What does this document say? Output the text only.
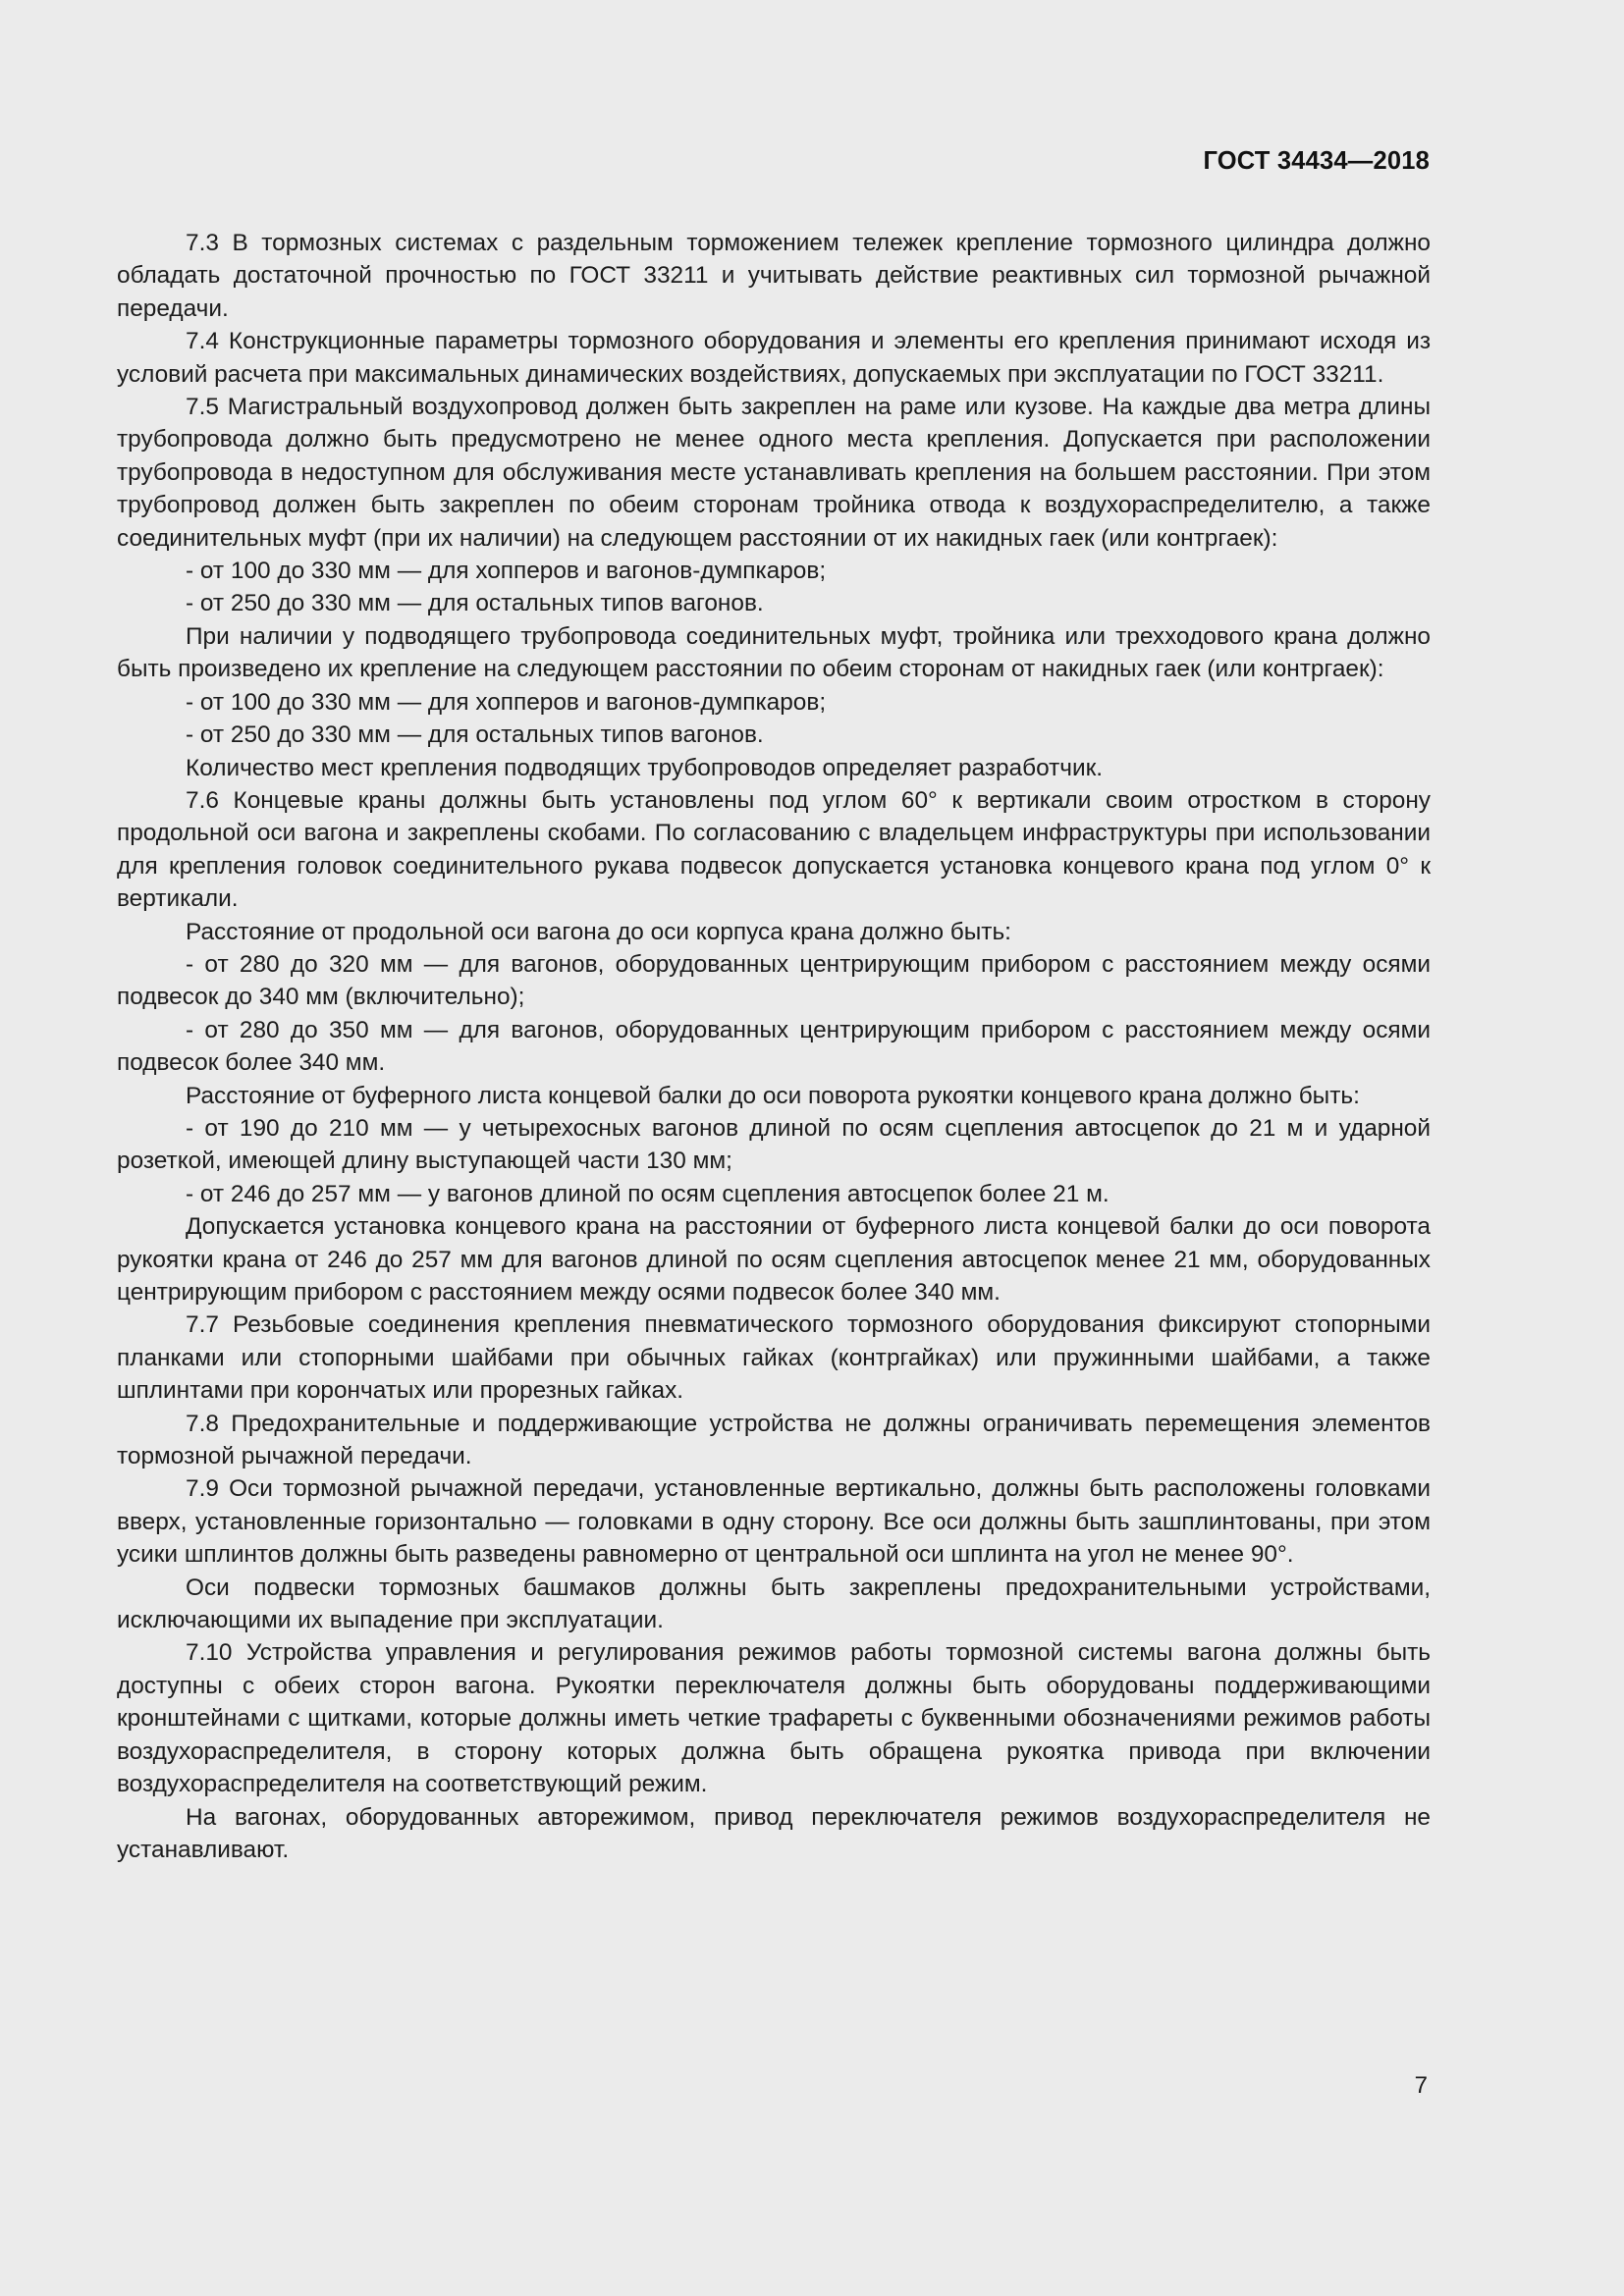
ГОСТ 34434—2018

7.3 В тормозных системах с раздельным торможением тележек крепление тормозного цилиндра должно обладать достаточной прочностью по ГОСТ 33211 и учитывать действие реактивных сил тормозной рычажной передачи.

7.4 Конструкционные параметры тормозного оборудования и элементы его крепления принимают исходя из условий расчета при максимальных динамических воздействиях, допускаемых при эксплуатации по ГОСТ 33211.

7.5 Магистральный воздухопровод должен быть закреплен на раме или кузове. На каждые два метра длины трубопровода должно быть предусмотрено не менее одного места крепления. Допускается при расположении трубопровода в недоступном для обслуживания месте устанавливать крепления на большем расстоянии. При этом трубопровод должен быть закреплен по обеим сторонам тройника отвода к воздухораспределителю, а также соединительных муфт (при их наличии) на следующем расстоянии от их накидных гаек (или контргаек):

- от 100 до 330 мм — для хопперов и вагонов-думпкаров;

- от 250 до 330 мм — для остальных типов вагонов.

При наличии у подводящего трубопровода соединительных муфт, тройника или трехходового крана должно быть произведено их крепление на следующем расстоянии по обеим сторонам от накидных гаек (или контргаек):

- от 100 до 330 мм — для хопперов и вагонов-думпкаров;

- от 250 до 330 мм — для остальных типов вагонов.

Количество мест крепления подводящих трубопроводов определяет разработчик.

7.6 Концевые краны должны быть установлены под углом 60° к вертикали своим отростком в сторону продольной оси вагона и закреплены скобами. По согласованию с владельцем инфраструктуры при использовании для крепления головок соединительного рукава подвесок допускается установка концевого крана под углом 0° к вертикали.

Расстояние от продольной оси вагона до оси корпуса крана должно быть:

- от 280 до 320 мм — для вагонов, оборудованных центрирующим прибором с расстоянием между осями подвесок до 340 мм (включительно);

- от 280 до 350 мм — для вагонов, оборудованных центрирующим прибором с расстоянием между осями подвесок более 340 мм.

Расстояние от буферного листа концевой балки до оси поворота рукоятки концевого крана должно быть:

- от 190 до 210 мм — у четырехосных вагонов длиной по осям сцепления автосцепок до 21 м и ударной розеткой, имеющей длину выступающей части 130 мм;

- от 246 до 257 мм — у вагонов длиной по осям сцепления автосцепок более 21 м.

Допускается установка концевого крана на расстоянии от буферного листа концевой балки до оси поворота рукоятки крана от 246 до 257 мм для вагонов длиной по осям сцепления автосцепок менее 21 мм, оборудованных центрирующим прибором с расстоянием между осями подвесок более 340 мм.

7.7 Резьбовые соединения крепления пневматического тормозного оборудования фиксируют стопорными планками или стопорными шайбами при обычных гайках (контргайках) или пружинными шайбами, а также шплинтами при корончатых или прорезных гайках.

7.8 Предохранительные и поддерживающие устройства не должны ограничивать перемещения элементов тормозной рычажной передачи.

7.9 Оси тормозной рычажной передачи, установленные вертикально, должны быть расположены головками вверх, установленные горизонтально — головками в одну сторону. Все оси должны быть зашплинтованы, при этом усики шплинтов должны быть разведены равномерно от центральной оси шплинта на угол не менее 90°.

Оси подвески тормозных башмаков должны быть закреплены предохранительными устройствами, исключающими их выпадение при эксплуатации.

7.10 Устройства управления и регулирования режимов работы тормозной системы вагона должны быть доступны с обеих сторон вагона. Рукоятки переключателя должны быть оборудованы поддерживающими кронштейнами с щитками, которые должны иметь четкие трафареты с буквенными обозначениями режимов работы воздухораспределителя, в сторону которых должна быть обращена рукоятка привода при включении воздухораспределителя на соответствующий режим.

На вагонах, оборудованных авторежимом, привод переключателя режимов воздухораспределителя не устанавливают.

7
